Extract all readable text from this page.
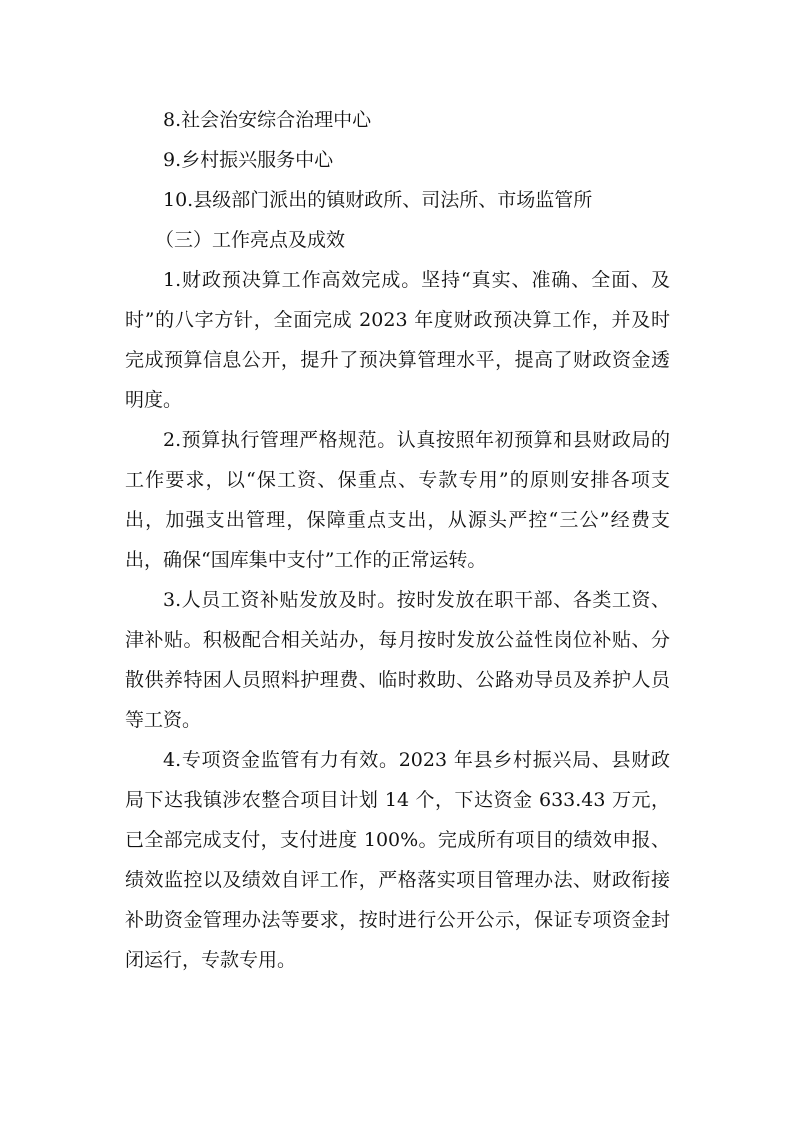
8.社会治安综合治理中心

9.乡村振兴服务中心

10.县级部门派出的镇财政所、司法所、市场监管所

（三）工作亮点及成效

1.财政预决算工作高效完成。坚持“真实、准确、全面、及时”的八字方针，全面完成 2023 年度财政预决算工作，并及时完成预算信息公开，提升了预决算管理水平，提高了财政资金透明度。

2.预算执行管理严格规范。认真按照年初预算和县财政局的工作要求，以“保工资、保重点、专款专用”的原则安排各项支出，加强支出管理，保障重点支出，从源头严控“三公”经费支出，确保“国库集中支付”工作的正常运转。

3.人员工资补贴发放及时。按时发放在职干部、各类工资、津补贴。积极配合相关站办，每月按时发放公益性岗位补贴、分散供养特困人员照料护理费、临时救助、公路劝导员及养护人员等工资。

4.专项资金监管有力有效。2023 年县乡村振兴局、县财政局下达我镇涉农整合项目计划 14 个，下达资金 633.43 万元，已全部完成支付，支付进度 100%。完成所有项目的绩效申报、绩效监控以及绩效自评工作，严格落实项目管理办法、财政衔接补助资金管理办法等要求，按时进行公开公示，保证专项资金封闭运行，专款专用。
